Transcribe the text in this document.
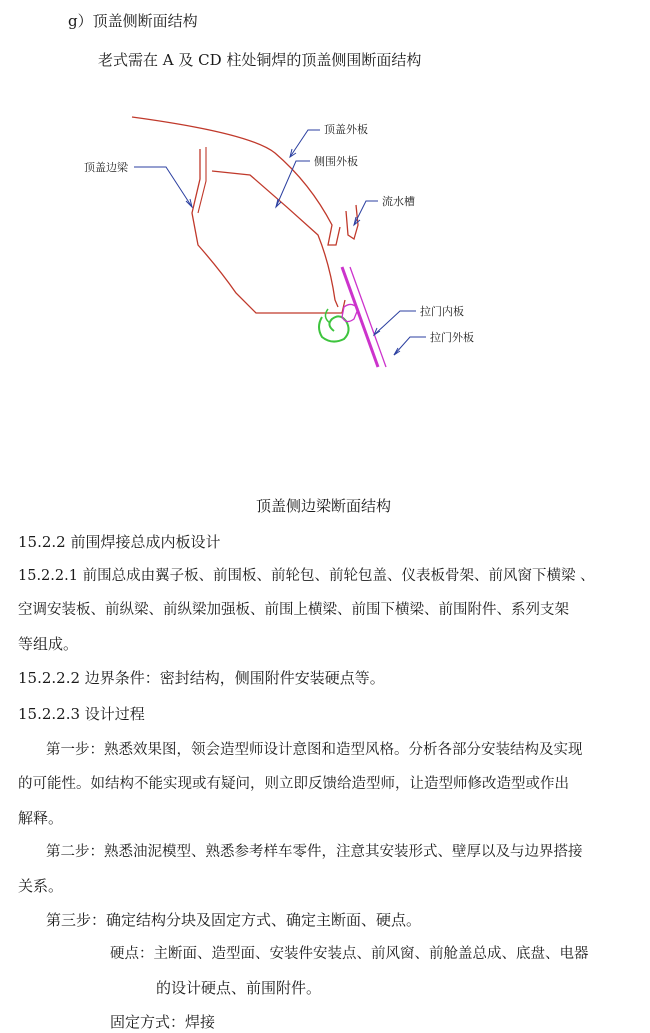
g）顶盖侧断面结构
老式需在 A 及 CD 柱处铜焊的顶盖侧围断面结构
顶盖外板
侧围外板
顶盖边梁
流水槽
拉门内板
拉门外板
顶盖侧边梁断面结构
15.2.2 前围焊接总成内板设计
15.2.2.1 前围总成由翼子板、前围板、前轮包、前轮包盖、仪表板骨架、前风窗下横梁 、
空调安装板、前纵梁、前纵梁加强板、前围上横梁、前围下横梁、前围附件、系列支架
等组成。
15.2.2.2 边界条件：密封结构，侧围附件安装硬点等。
15.2.2.3 设计过程
第一步：熟悉效果图，领会造型师设计意图和造型风格。分析各部分安装结构及实现
的可能性。如结构不能实现或有疑问，则立即反馈给造型师，让造型师修改造型或作出
解释。
第二步：熟悉油泥模型、熟悉参考样车零件，注意其安装形式、壁厚以及与边界搭接
关系。
第三步：确定结构分块及固定方式、确定主断面、硬点。
硬点：主断面、造型面、安装件安装点、前风窗、前舱盖总成、底盘、电器
的设计硬点、前围附件。
固定方式：焊接
